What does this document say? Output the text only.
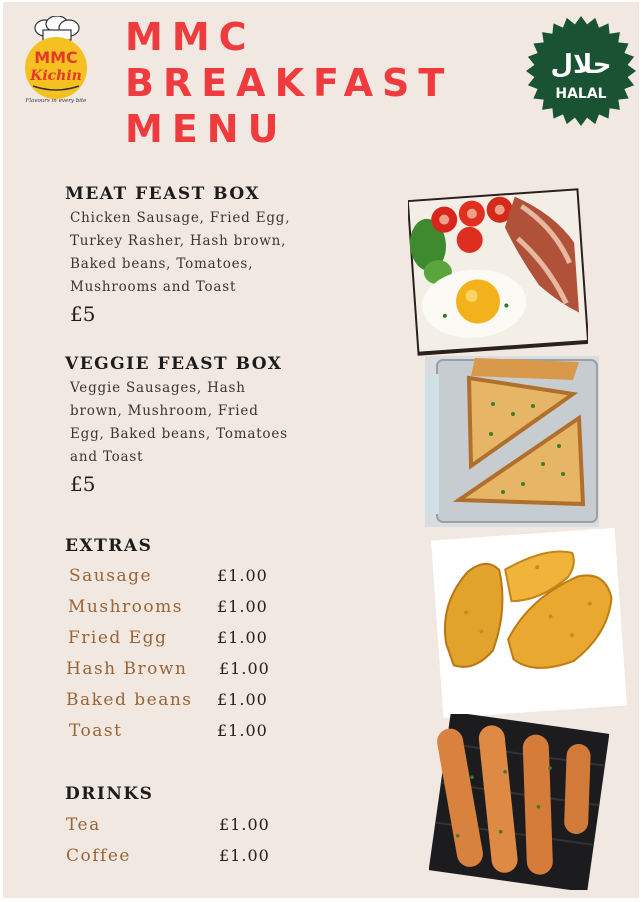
MMC
Kichin
Flavours in every bite
MMC
BREAKFAST
MENU
حلال
HALAL
MEAT FEAST BOX
Chicken Sausage, Fried Egg,
Turkey Rasher, Hash brown,
Baked beans, Tomatoes,
Mushrooms and Toast
£5
VEGGIE FEAST BOX
Veggie Sausages, Hash
brown, Mushroom, Fried
Egg, Baked beans, Tomatoes
and Toast
£5
EXTRAS
Sausage	£1.00
Mushrooms £1.00
Fried Egg	£1.00
Hash Brown £1.00
Baked beans £1.00
Toast	£1.00
DRINKS
Tea	£1.00
Coffee	£1.00
